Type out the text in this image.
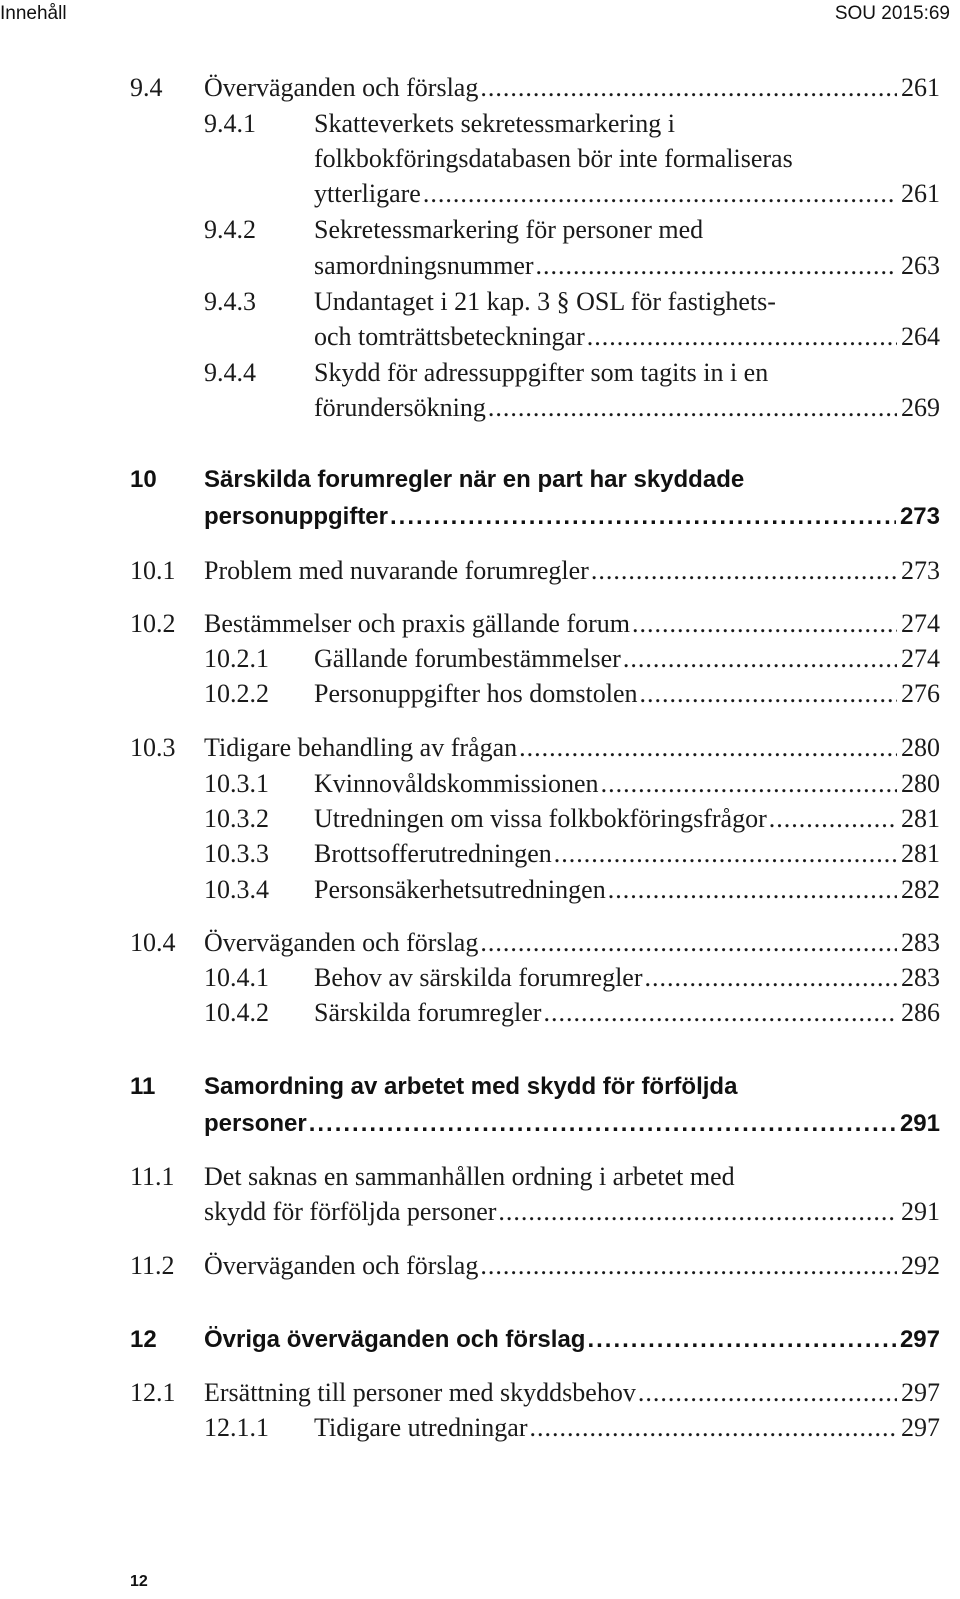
Innehåll	SOU 2015:69
9.4 Överväganden och förslag .....	261
9.4.1 Skatteverkets sekretessmarkering i
folkbokföringsdatabasen bör inte formaliseras
ytterligare .....	261
9.4.2 Sekretessmarkering för personer med
samordningsnummer .....	263
9.4.3 Undantaget i 21 kap. 3 § OSL för fastighets-
och tomträttsbeteckningar .....	264
9.4.4 Skydd för adressuppgifter som tagits in i en
förundersökning .....	269
10 Särskilda forumregler när en part har skyddade
personuppgifter .....	273
10.1 Problem med nuvarande forumregler .....	273
10.2 Bestämmelser och praxis gällande forum .....	274
10.2.1 Gällande forumbestämmelser .....	274
10.2.2 Personuppgifter hos domstolen .....	276
10.3 Tidigare behandling av frågan .....	280
10.3.1 Kvinnovåldskommissionen .....	280
10.3.2 Utredningen om vissa folkbokföringsfrågor .....	281
10.3.3 Brottsofferutredningen .....	281
10.3.4 Personsäkerhetsutredningen .....	282
10.4 Överväganden och förslag .....	283
10.4.1 Behov av särskilda forumregler .....	283
10.4.2 Särskilda forumregler .....	286
11 Samordning av arbetet med skydd för förföljda
personer .....	291
11.1 Det saknas en sammanhållen ordning i arbetet med
skydd för förföljda personer .....	291
11.2 Överväganden och förslag .....	292
12 Övriga överväganden och förslag .....	297
12.1 Ersättning till personer med skyddsbehov .....	297
12.1.1 Tidigare utredningar .....	297
12
